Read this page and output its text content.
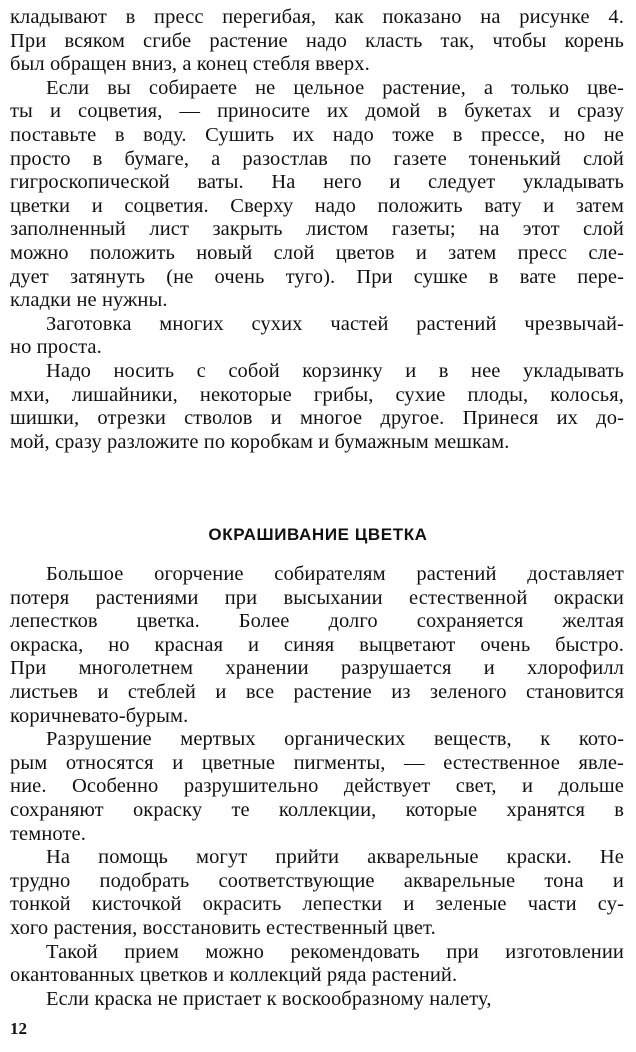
кладывают в пресс перегибая, как показано на рисунке 4.
При всяком сгибе растение надо класть так, чтобы корень
был обращен вниз, а конец стебля вверх.
Если вы собираете не цельное растение, а только цве-
ты и соцветия, — приносите их домой в букетах и сразу
поставьте в воду. Сушить их надо тоже в прессе, но не
просто в бумаге, а разостлав по газете тоненький слой
гигроскопической ваты. На него и следует укладывать
цветки и соцветия. Сверху надо положить вату и затем
заполненный лист закрыть листом газеты; на этот слой
можно положить новый слой цветов и затем пресс сле-
дует затянуть (не очень туго). При сушке в вате пере-
кладки не нужны.
Заготовка многих сухих частей растений чрезвычай-
но проста.
Надо носить с собой корзинку и в нее укладывать
мхи, лишайники, некоторые грибы, сухие плоды, колосья,
шишки, отрезки стволов и многое другое. Принеся их до-
мой, сразу разложите по коробкам и бумажным мешкам.
ОКРАШИВАНИЕ ЦВЕТКА
Большое огорчение собирателям растений доставляет
потеря растениями при высыхании естественной окраски
лепестков цветка. Более долго сохраняется желтая
окраска, но красная и синяя выцветают очень быстро.
При многолетнем хранении разрушается и хлорофилл
листьев и стеблей и все растение из зеленого становится
коричневато-бурым.
Разрушение мертвых органических веществ, к кото-
рым относятся и цветные пигменты, — естественное явле-
ние. Особенно разрушительно действует свет, и дольше
сохраняют окраску те коллекции, которые хранятся в
темноте.
На помощь могут прийти акварельные краски. Не
трудно подобрать соответствующие акварельные тона и
тонкой кисточкой окрасить лепестки и зеленые части су-
хого растения, восстановить естественный цвет.
Такой прием можно рекомендовать при изготовлении
окантованных цветков и коллекций ряда растений.
Если краска не пристает к воскообразному налету,
12
